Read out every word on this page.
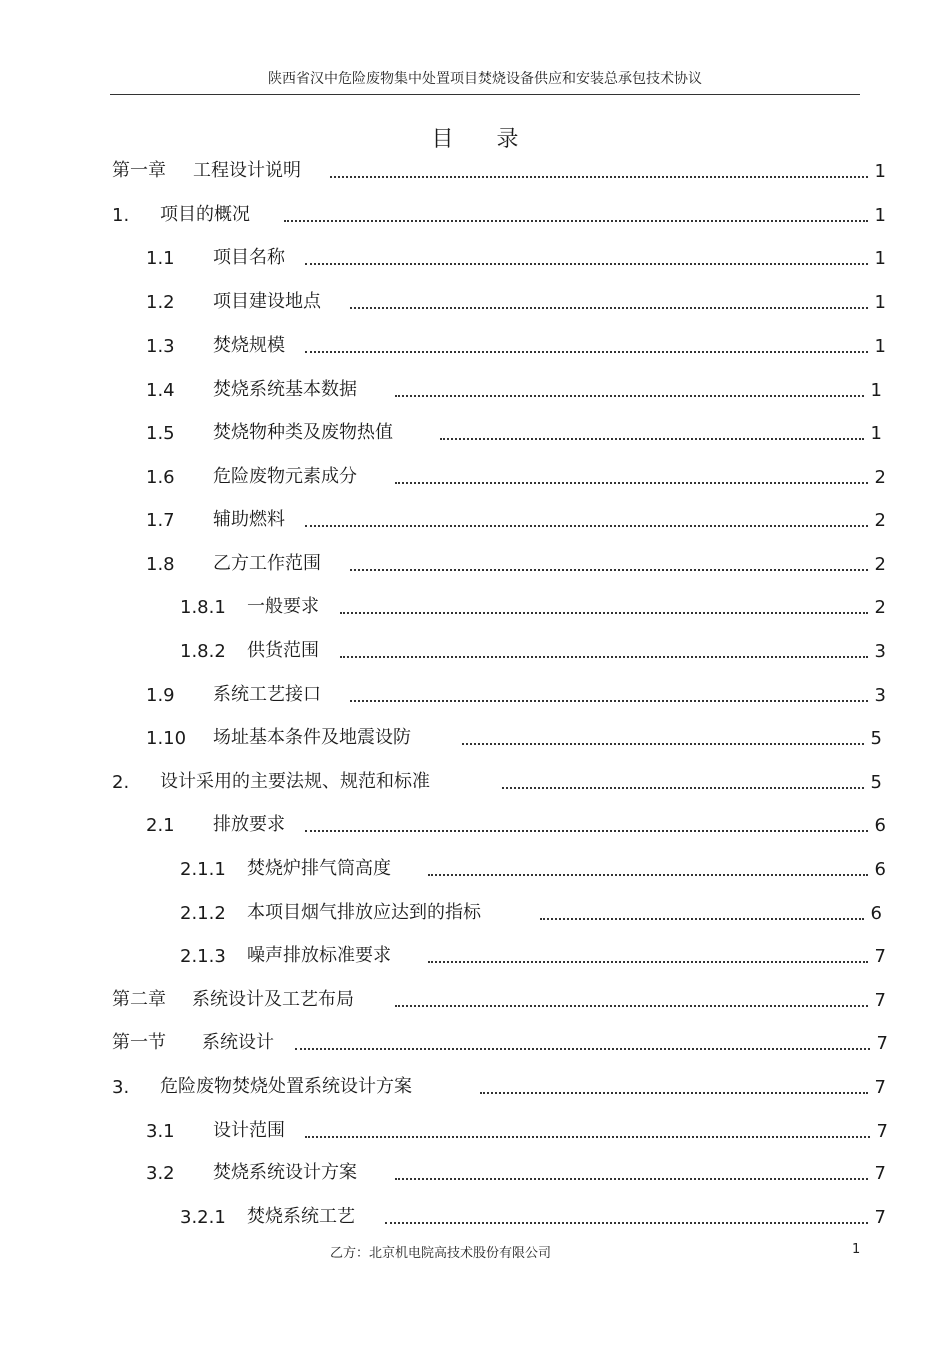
陕西省汉中危险废物集中处置项目焚烧设备供应和安装总承包技术协议
目 录
第一章 工程设计说明	1
1. 项目的概况	1
1.1 项目名称	1
1.2 项目建设地点	1
1.3 焚烧规模	1
1.4 焚烧系统基本数据	1
1.5 焚烧物种类及废物热值	1
1.6 危险废物元素成分	2
1.7 辅助燃料	2
1.8 乙方工作范围	2
1.8.1 一般要求	2
1.8.2 供货范围	3
1.9 系统工艺接口	3
1.10 场址基本条件及地震设防	5
2. 设计采用的主要法规、规范和标准	5
2.1 排放要求	6
2.1.1 焚烧炉排气筒高度	6
2.1.2 本项目烟气排放应达到的指标	6
2.1.3 噪声排放标准要求	7
第二章 系统设计及工艺布局	7
第一节 系统设计	7
3. 危险废物焚烧处置系统设计方案	7
3.1 设计范围	7
3.2 焚烧系统设计方案	7
3.2.1 焚烧系统工艺	7
乙方：北京机电院高技术股份有限公司	1
